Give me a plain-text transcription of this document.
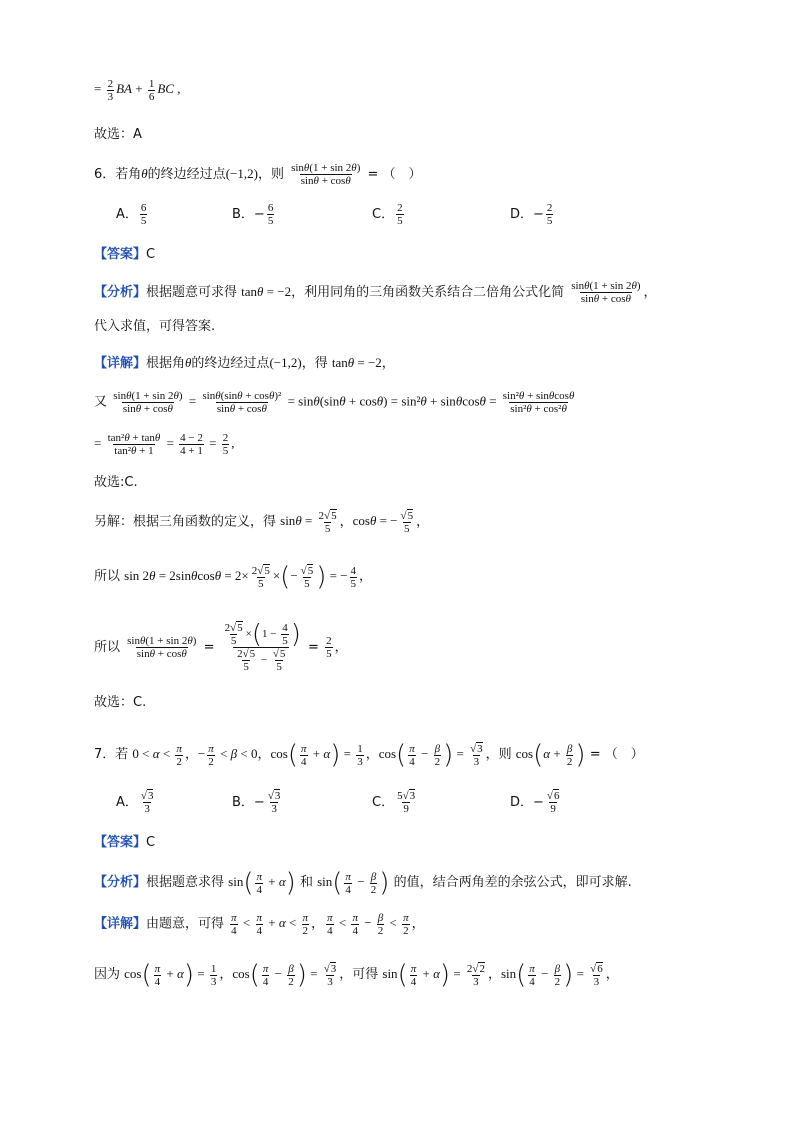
= $\frac{2}{3}$ BA + $\frac{1}{6}$ BC ,
故选：A
6．若角θ的终边经过点(−1,2)，则 $\frac{\sin\theta(1 + \sin 2\theta)}{\sin\theta + \cos\theta}$ = （　）
A． $\frac{6}{5}$	B．− $\frac{6}{5}$	C． $\frac{2}{5}$	D．− $\frac{2}{5}$
【答案】C
【分析】根据题意可求得 tanθ = −2，利用同角的三角函数关系结合二倍角公式化简 $\frac{\sin\theta(1 + \sin 2\theta)}{\sin\theta + \cos\theta}$ ，
代入求值，可得答案.
【详解】根据角θ的终边经过点(−1,2)，得 tanθ = −2，
又 $\frac{\sin\theta(1 + \sin 2\theta)}{\sin\theta + \cos\theta} = \frac{\text{sinθ(sinθ + cosθ)²}}{\sin\theta + \cos\theta} = \sin\theta(\sin\theta + \cos\theta) = \sin^2\theta + \sin\theta\cos\theta = \frac{\text{sin²θ + sinθcosθ}}{\text{sin²θ + cos²θ}}$
= $\frac{\text{tan²θ + tanθ}}{\text{tan²θ + 1}} = \frac{4 - 2}{4 + 1} = \frac{2}{5}$ ,
故选:C.
另解：根据三角函数的定义，得 $\sin\theta = \frac{2√5}{5}$ ，cosθ = − $\frac{√5}{5}$ ，
所以 $\sin 2\theta = 2\sin\theta\cos\theta = 2\times \frac{2√5}{5}$ ×(− $\frac{√5}{5}$ ) = − $\frac{4}{5}$ ，
所以 $\frac{\sin\theta(1 + \sin 2\theta)}{\sin\theta + \cos\theta} = \frac{\frac{2√5}{5} \times(1 - \frac{4}{5} )}{\frac{2√5}{5} - \frac{√5}{5}} = \frac{2}{5}$ ，
故选：C.
7．若 $0 < \alpha < \frac{\pi}{2}$ ，− $\frac{\pi}{2} < \beta < 0$，$\cos( \frac{\pi}{4} + \alpha) = \frac{1}{3}$ ，$\cos( \frac{\pi}{4} - \frac{\beta}{2}$ ) = $\frac{√3}{3}$ ，则 $\cos(\alpha + \frac{\beta}{2}$ ) = （　）
A． $\frac{√3}{3}$	B．− $\frac{√3}{3}$	C． $\frac{5√3}{9}$	D．− $\frac{√6}{9}$
【答案】C
【分析】根据题意求得 $\sin( \frac{\pi}{4} + \alpha)$ 和 $\sin( \frac{\pi}{4} - \frac{\beta}{2}$ ) 的值，结合两角差的余弦公式，即可求解.
【详解】由题意，可得 $\frac{\pi}{4} < \frac{\pi}{4} + \alpha < \frac{\pi}{2}$ ， $\frac{\pi}{4} < \frac{\pi}{4} - \frac{\beta}{2} < \frac{\pi}{2}$ ，
因为 $\cos( \frac{\pi}{4} + \alpha) = \frac{1}{3}$ ，$\cos( \frac{\pi}{4} - \frac{\beta}{2}$ ) = $\frac{√3}{3}$ ，可得 $\sin( \frac{\pi}{4} + \alpha) = \frac{2√2}{3}$ ，$\sin( \frac{\pi}{4} - \frac{\beta}{2}$ ) = $\frac{√6}{3}$ ，
